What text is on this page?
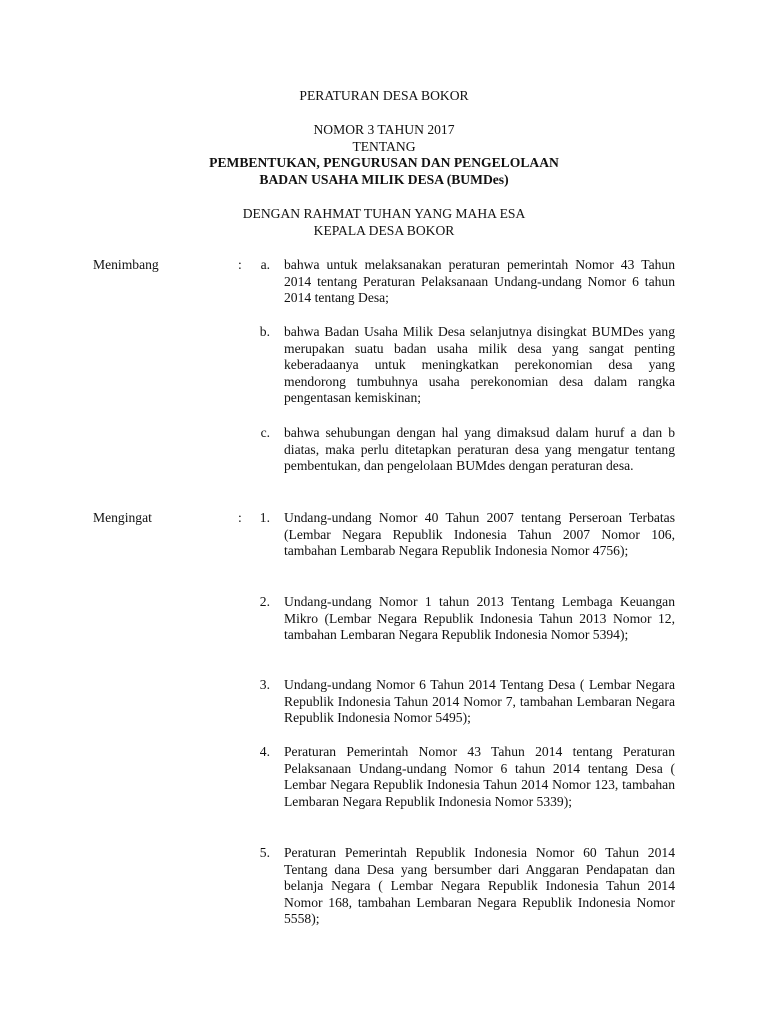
PERATURAN DESA BOKOR
NOMOR 3 TAHUN 2017
TENTANG
PEMBENTUKAN, PENGURUSAN DAN PENGELOLAAN
BADAN USAHA MILIK DESA (BUMDes)
DENGAN RAHMAT TUHAN YANG MAHA ESA
KEPALA DESA BOKOR
Menimbang	:	a. bahwa untuk melaksanakan peraturan pemerintah Nomor 43 Tahun 2014 tentang Peraturan Pelaksanaan Undang-undang Nomor 6 tahun 2014 tentang Desa;
b. bahwa Badan Usaha Milik Desa selanjutnya disingkat BUMDes yang merupakan suatu badan usaha milik desa yang sangat penting keberadaanya untuk meningkatkan perekonomian desa yang mendorong tumbuhnya usaha perekonomian desa dalam rangka pengentasan kemiskinan;
c. bahwa sehubungan dengan hal yang dimaksud dalam huruf a dan b diatas, maka perlu ditetapkan peraturan desa yang mengatur tentang pembentukan, dan pengelolaan BUMdes dengan peraturan desa.
Mengingat	:	1. Undang-undang Nomor 40 Tahun 2007 tentang Perseroan Terbatas (Lembar Negara Republik Indonesia Tahun 2007 Nomor 106, tambahan Lembarab Negara Republik Indonesia Nomor 4756);
2. Undang-undang Nomor 1 tahun 2013 Tentang Lembaga Keuangan Mikro (Lembar Negara Republik Indonesia Tahun 2013 Nomor 12, tambahan Lembaran Negara Republik Indonesia Nomor 5394);
3. Undang-undang Nomor 6 Tahun 2014 Tentang Desa ( Lembar Negara Republik Indonesia Tahun 2014 Nomor 7, tambahan Lembaran Negara Republik Indonesia Nomor 5495);
4. Peraturan Pemerintah Nomor 43 Tahun 2014 tentang Peraturan Pelaksanaan Undang-undang Nomor 6 tahun 2014 tentang Desa ( Lembar Negara Republik Indonesia Tahun 2014 Nomor 123, tambahan Lembaran Negara Republik Indonesia Nomor 5339);
5. Peraturan Pemerintah Republik Indonesia Nomor 60 Tahun 2014 Tentang dana Desa yang bersumber dari Anggaran Pendapatan dan belanja Negara ( Lembar Negara Republik Indonesia Tahun 2014 Nomor 168, tambahan Lembaran Negara Republik Indonesia Nomor 5558);
